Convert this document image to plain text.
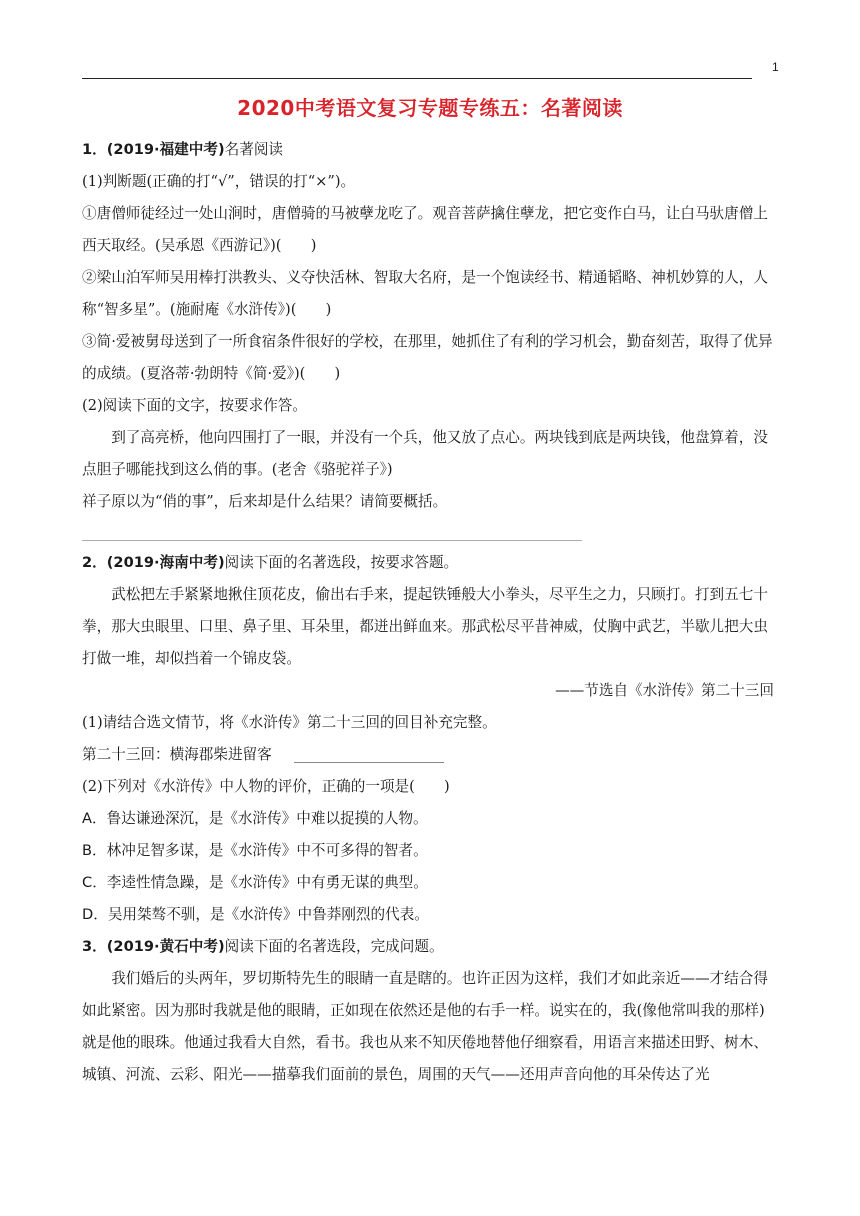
1
2020中考语文复习专题专练五：名著阅读

1．(2019·福建中考)名著阅读

(1)判断题(正确的打“√”，错误的打“×”)。

①唐僧师徒经过一处山涧时，唐僧骑的马被孽龙吃了。观音菩萨擒住孽龙，把它变作白马，让白马驮唐僧上西天取经。(吴承恩《西游记》)(　　)

②梁山泊军师吴用棒打洪教头、义夺快活林、智取大名府，是一个饱读经书、精通韬略、神机妙算的人，人称“智多星”。(施耐庵《水浒传》)(　　)

③简·爱被舅母送到了一所食宿条件很好的学校，在那里，她抓住了有利的学习机会，勤奋刻苦，取得了优异的成绩。(夏洛蒂·勃朗特《简·爱》)(　　)

(2)阅读下面的文字，按要求作答。

到了高亮桥，他向四围打了一眼，并没有一个兵，他又放了点心。两块钱到底是两块钱，他盘算着，没点胆子哪能找到这么俏的事。(老舍《骆驼祥子》)

祥子原以为“俏的事”，后来却是什么结果？请简要概括。

2．(2019·海南中考)阅读下面的名著选段，按要求答题。

武松把左手紧紧地揪住顶花皮，偷出右手来，提起铁锤般大小拳头，尽平生之力，只顾打。打到五七十拳，那大虫眼里、口里、鼻子里、耳朵里，都迸出鲜血来。那武松尽平昔神威，仗胸中武艺，半歇儿把大虫打做一堆，却似挡着一个锦皮袋。

——节选自《水浒传》第二十三回

(1)请结合选文情节，将《水浒传》第二十三回的回目补充完整。

第二十三回：横海郡柴进留客

(2)下列对《水浒传》中人物的评价，正确的一项是(　　)

A．鲁达谦逊深沉，是《水浒传》中难以捉摸的人物。

B．林冲足智多谋，是《水浒传》中不可多得的智者。

C．李逵性情急躁，是《水浒传》中有勇无谋的典型。

D．吴用桀骜不驯，是《水浒传》中鲁莽刚烈的代表。

3．(2019·黄石中考)阅读下面的名著选段，完成问题。

我们婚后的头两年，罗切斯特先生的眼睛一直是瞎的。也许正因为这样，我们才如此亲近——才结合得如此紧密。因为那时我就是他的眼睛，正如现在依然还是他的右手一样。说实在的，我(像他常叫我的那样)就是他的眼珠。他通过我看大自然，看书。我也从来不知厌倦地替他仔细察看，用语言来描述田野、树木、城镇、河流、云彩、阳光——描摹我们面前的景色，周围的天气——还用声音向他的耳朵传达了光
